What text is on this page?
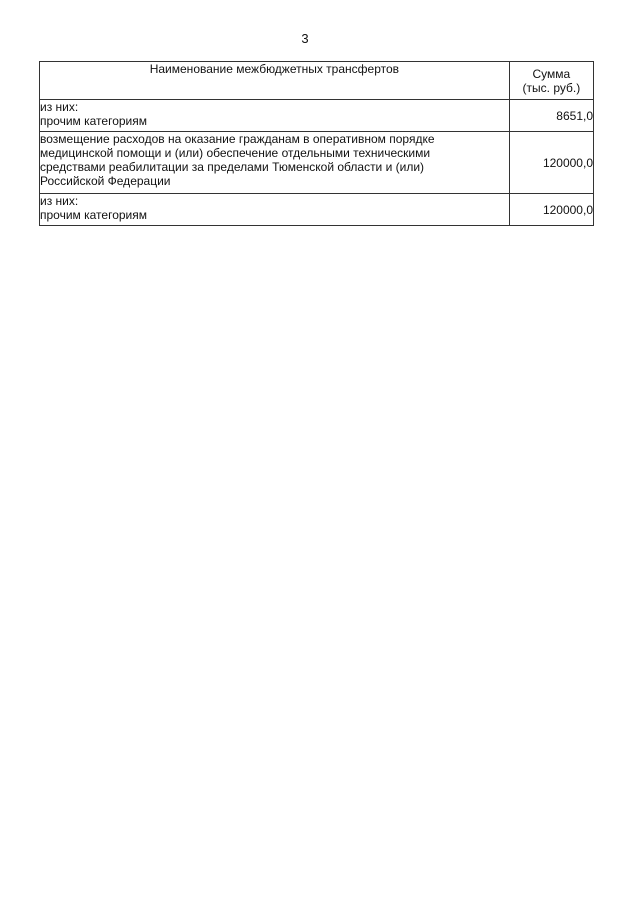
3
Наименование межбюджетных трансфертов	Сумма
(тыс. руб.)

из них:
прочим категориям	8651,0

возмещение расходов на оказание гражданам в оперативном порядке
медицинской помощи и (или) обеспечение отдельными техническими
средствами реабилитации за пределами Тюменской области и (или)
Российской Федерации	120000,0

из них:
прочим категориям	120000,0
